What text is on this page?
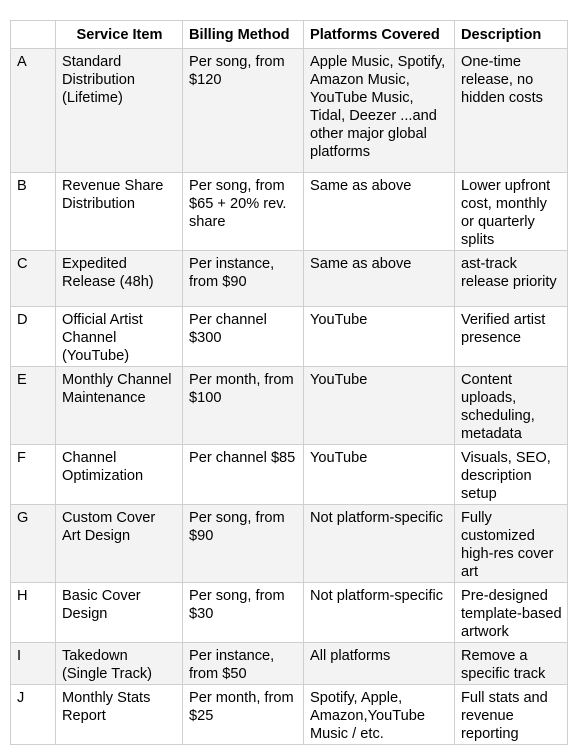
	Service Item	Billing Method	Platforms Covered	Description
A	Standard Distribution (Lifetime)	Per song, from $120	Apple Music, Spotify, Amazon Music, YouTube Music, Tidal, Deezer ...and other major global platforms	One-time release, no hidden costs
B	Revenue Share Distribution	Per song, from $65 + 20% rev. share	Same as above	Lower upfront cost, monthly or quarterly splits
C	Expedited Release (48h)	Per instance, from $90	Same as above	ast-track release priority
D	Official Artist Channel (YouTube)	Per channel $300	YouTube	Verified artist presence
E	Monthly Channel Maintenance	Per month, from $100	YouTube	Content uploads, scheduling, metadata
F	Channel Optimization	Per channel $85	YouTube	Visuals, SEO, description setup
G	Custom Cover Art Design	Per song, from $90	Not platform-specific	Fully customized high-res cover art
H	Basic Cover Design	Per song, from $30	Not platform-specific	Pre-designed template-based artwork
I	Takedown (Single Track)	Per instance, from $50	All platforms	Remove a specific track
J	Monthly Stats Report	Per month, from $25	Spotify, Apple, Amazon,YouTube Music / etc.	Full stats and revenue reporting
